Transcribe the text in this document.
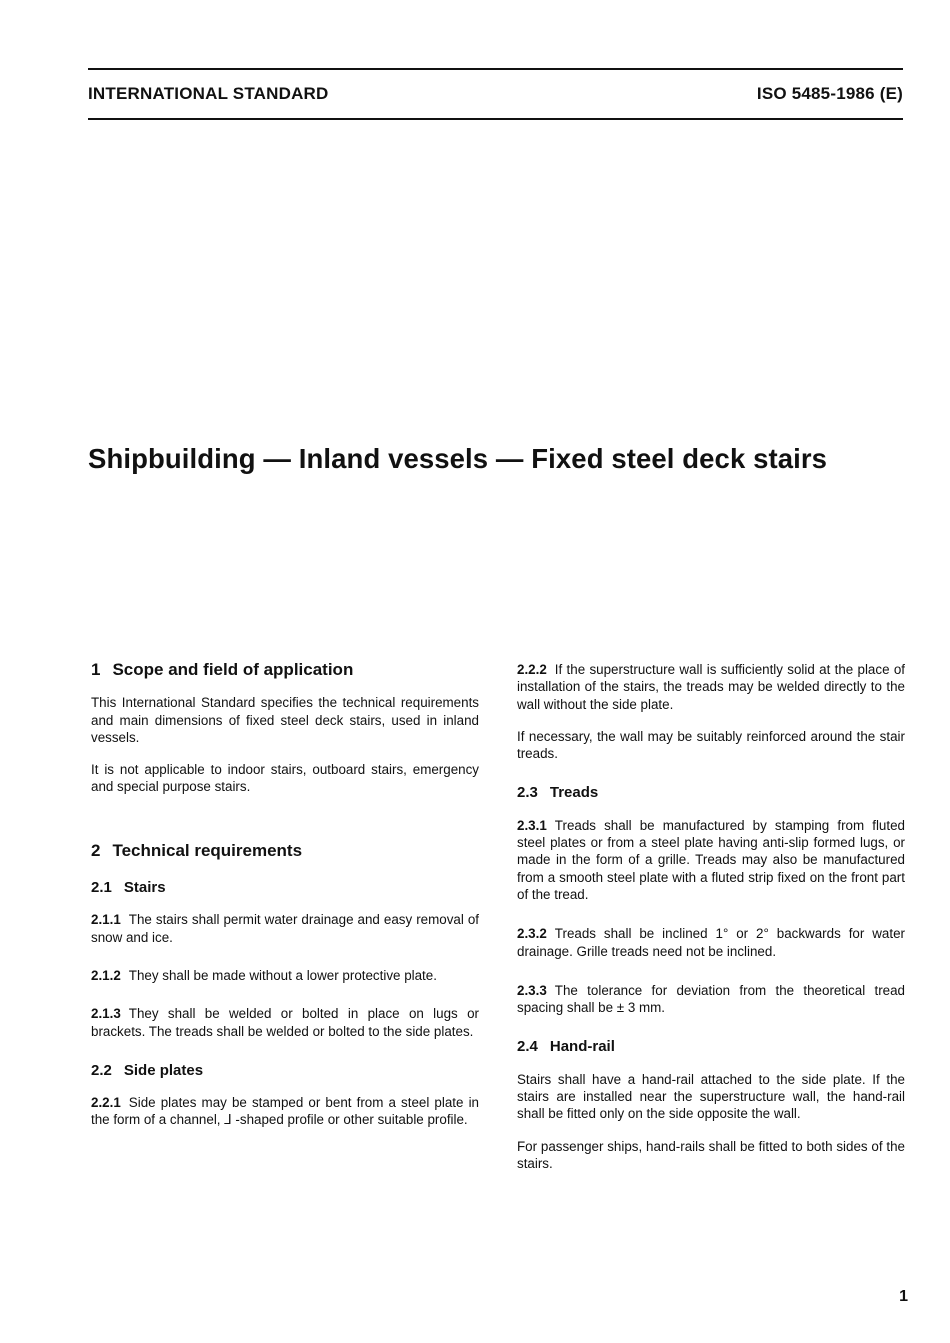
INTERNATIONAL STANDARD	ISO 5485-1986 (E)
Shipbuilding — Inland vessels — Fixed steel deck stairs
1 Scope and field of application

This International Standard specifies the technical requirements and main dimensions of fixed steel deck stairs, used in inland vessels.

It is not applicable to indoor stairs, outboard stairs, emergency and special purpose stairs.

2 Technical requirements
2.1 Stairs

2.1.1 The stairs shall permit water drainage and easy removal of snow and ice.

2.1.2 They shall be made without a lower protective plate.

2.1.3 They shall be welded or bolted in place on lugs or brackets. The treads shall be welded or bolted to the side plates.

2.2 Side plates

2.2.1 Side plates may be stamped or bent from a steel plate in the form of a channel, ⅃ -shaped profile or other suitable profile.

2.2.2 If the superstructure wall is sufficiently solid at the place of installation of the stairs, the treads may be welded directly to the wall without the side plate.

If necessary, the wall may be suitably reinforced around the stair treads.

2.3 Treads

2.3.1 Treads shall be manufactured by stamping from fluted steel plates or from a steel plate having anti-slip formed lugs, or made in the form of a grille. Treads may also be manufactured from a smooth steel plate with a fluted strip fixed on the front part of the tread.

2.3.2 Treads shall be inclined 1° or 2° backwards for water drainage. Grille treads need not be inclined.

2.3.3 The tolerance for deviation from the theoretical tread spacing shall be ± 3 mm.

2.4 Hand-rail

Stairs shall have a hand-rail attached to the side plate. If the stairs are installed near the superstructure wall, the hand-rail shall be fitted only on the side opposite the wall.

For passenger ships, hand-rails shall be fitted to both sides of the stairs.

1
